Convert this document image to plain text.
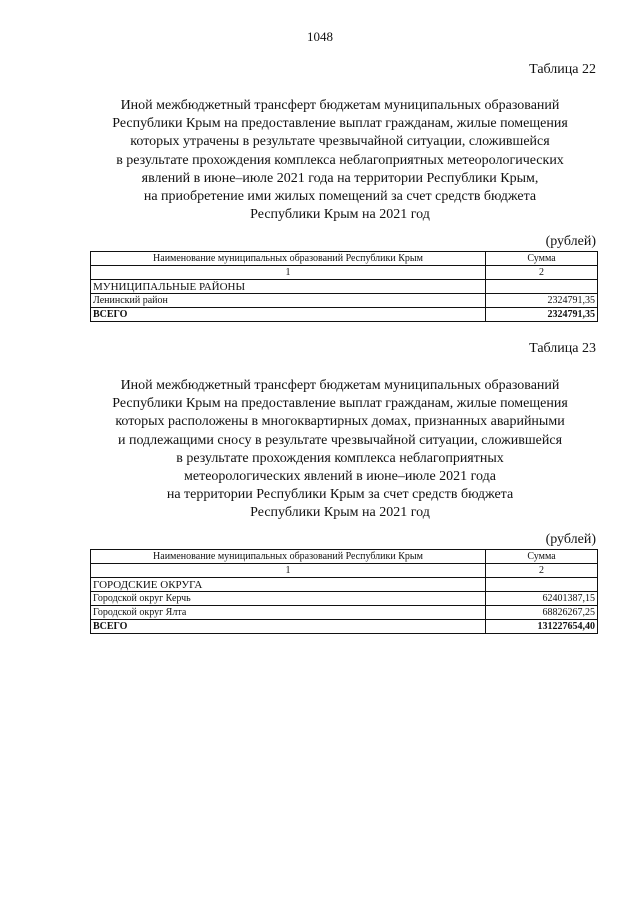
1048
Таблица 22
Иной межбюджетный трансферт бюджетам муниципальных образований
Республики Крым на предоставление выплат гражданам, жилые помещения
которых утрачены в результате чрезвычайной ситуации, сложившейся
в результате прохождения комплекса неблагоприятных метеорологических
явлений в июне–июле 2021 года на территории Республики Крым,
на приобретение ими жилых помещений за счет средств бюджета
Республики Крым на 2021 год
(рублей)
Наименование муниципальных образований Республики Крым	Сумма
1	2
МУНИЦИПАЛЬНЫЕ РАЙОНЫ	
Ленинский район	2324791,35
ВСЕГО	2324791,35
Таблица 23
Иной межбюджетный трансферт бюджетам муниципальных образований
Республики Крым на предоставление выплат гражданам, жилые помещения
которых расположены в многоквартирных домах, признанных аварийными
и подлежащими сносу в результате чрезвычайной ситуации, сложившейся
в результате прохождения комплекса неблагоприятных
метеорологических явлений в июне–июле 2021 года
на территории Республики Крым за счет средств бюджета
Республики Крым на 2021 год
(рублей)
Наименование муниципальных образований Республики Крым	Сумма
1	2
ГОРОДСКИЕ ОКРУГА	
Городской округ Керчь	62401387,15
Городской округ Ялта	68826267,25
ВСЕГО	131227654,40
